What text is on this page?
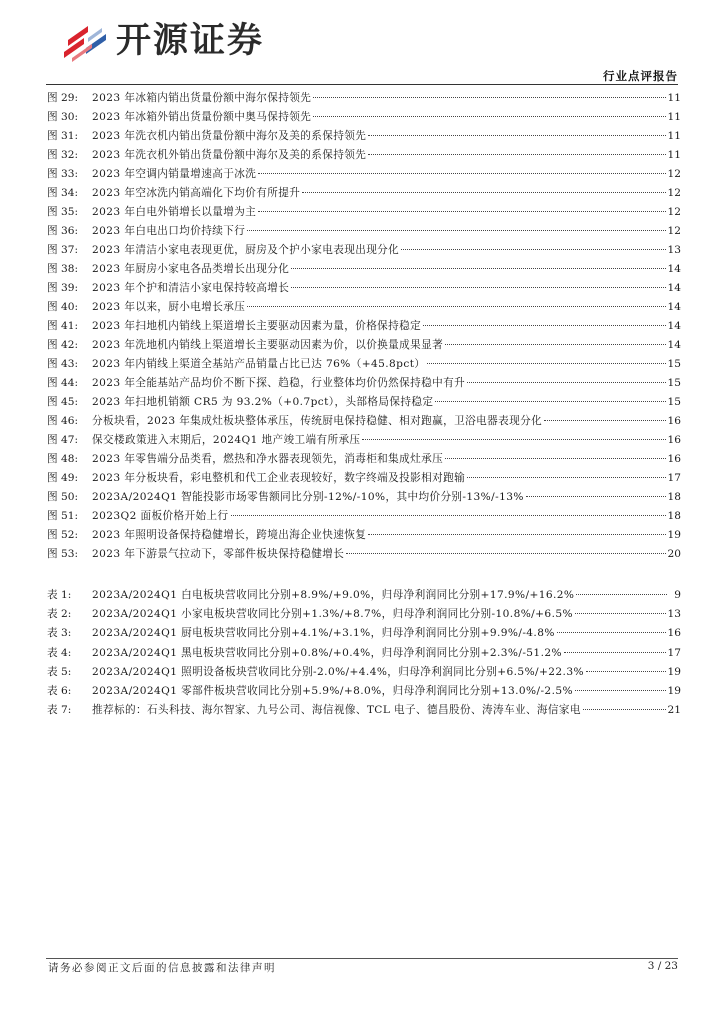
开源证券
行业点评报告
图 29:	2023 年冰箱内销出货量份额中海尔保持领先	11
图 30:	2023 年冰箱外销出货量份额中奥马保持领先	11
图 31:	2023 年洗衣机内销出货量份额中海尔及美的系保持领先	11
图 32:	2023 年洗衣机外销出货量份额中海尔及美的系保持领先	11
图 33:	2023 年空调内销量增速高于冰洗	12
图 34:	2023 年空冰洗内销高端化下均价有所提升	12
图 35:	2023 年白电外销增长以量增为主	12
图 36:	2023 年白电出口均价持续下行	12
图 37:	2023 年清洁小家电表现更优，厨房及个护小家电表现出现分化	13
图 38:	2023 年厨房小家电各品类增长出现分化	14
图 39:	2023 年个护和清洁小家电保持较高增长	14
图 40:	2023 年以来，厨小电增长承压	14
图 41:	2023 年扫地机内销线上渠道增长主要驱动因素为量，价格保持稳定	14
图 42:	2023 年洗地机内销线上渠道增长主要驱动因素为价，以价换量成果显著	14
图 43:	2023 年内销线上渠道全基站产品销量占比已达 76%（+45.8pct）	15
图 44:	2023 年全能基站产品均价不断下探、趋稳，行业整体均价仍然保持稳中有升	15
图 45:	2023 年扫地机销额 CR5 为 93.2%（+0.7pct），头部格局保持稳定	15
图 46:	分板块看，2023 年集成灶板块整体承压，传统厨电保持稳健、相对跑赢，卫浴电器表现分化	16
图 47:	保交楼政策进入末期后，2024Q1 地产竣工端有所承压	16
图 48:	2023 年零售端分品类看，燃热和净水器表现领先，消毒柜和集成灶承压	16
图 49:	2023 年分板块看，彩电整机和代工企业表现较好，数字终端及投影相对跑输	17
图 50:	2023A/2024Q1 智能投影市场零售额同比分别-12%/-10%，其中均价分别-13%/-13%	18
图 51:	2023Q2 面板价格开始上行	18
图 52:	2023 年照明设备保持稳健增长，跨境出海企业快速恢复	19
图 53:	2023 年下游景气拉动下，零部件板块保持稳健增长	20
表 1:	2023A/2024Q1 白电板块营收同比分别+8.9%/+9.0%，归母净利润同比分别+17.9%/+16.2%	9
表 2:	2023A/2024Q1 小家电板块营收同比分别+1.3%/+8.7%，归母净利润同比分别-10.8%/+6.5%	13
表 3:	2023A/2024Q1 厨电板块营收同比分别+4.1%/+3.1%，归母净利润同比分别+9.9%/-4.8%	16
表 4:	2023A/2024Q1 黑电板块营收同比分别+0.8%/+0.4%，归母净利润同比分别+2.3%/-51.2%	17
表 5:	2023A/2024Q1 照明设备板块营收同比分别-2.0%/+4.4%，归母净利润同比分别+6.5%/+22.3%	19
表 6:	2023A/2024Q1 零部件板块营收同比分别+5.9%/+8.0%，归母净利润同比分别+13.0%/-2.5%	19
表 7:	推荐标的：石头科技、海尔智家、九号公司、海信视像、TCL 电子、德昌股份、涛涛车业、海信家电	21
请务必参阅正文后面的信息披露和法律声明	3 / 23
